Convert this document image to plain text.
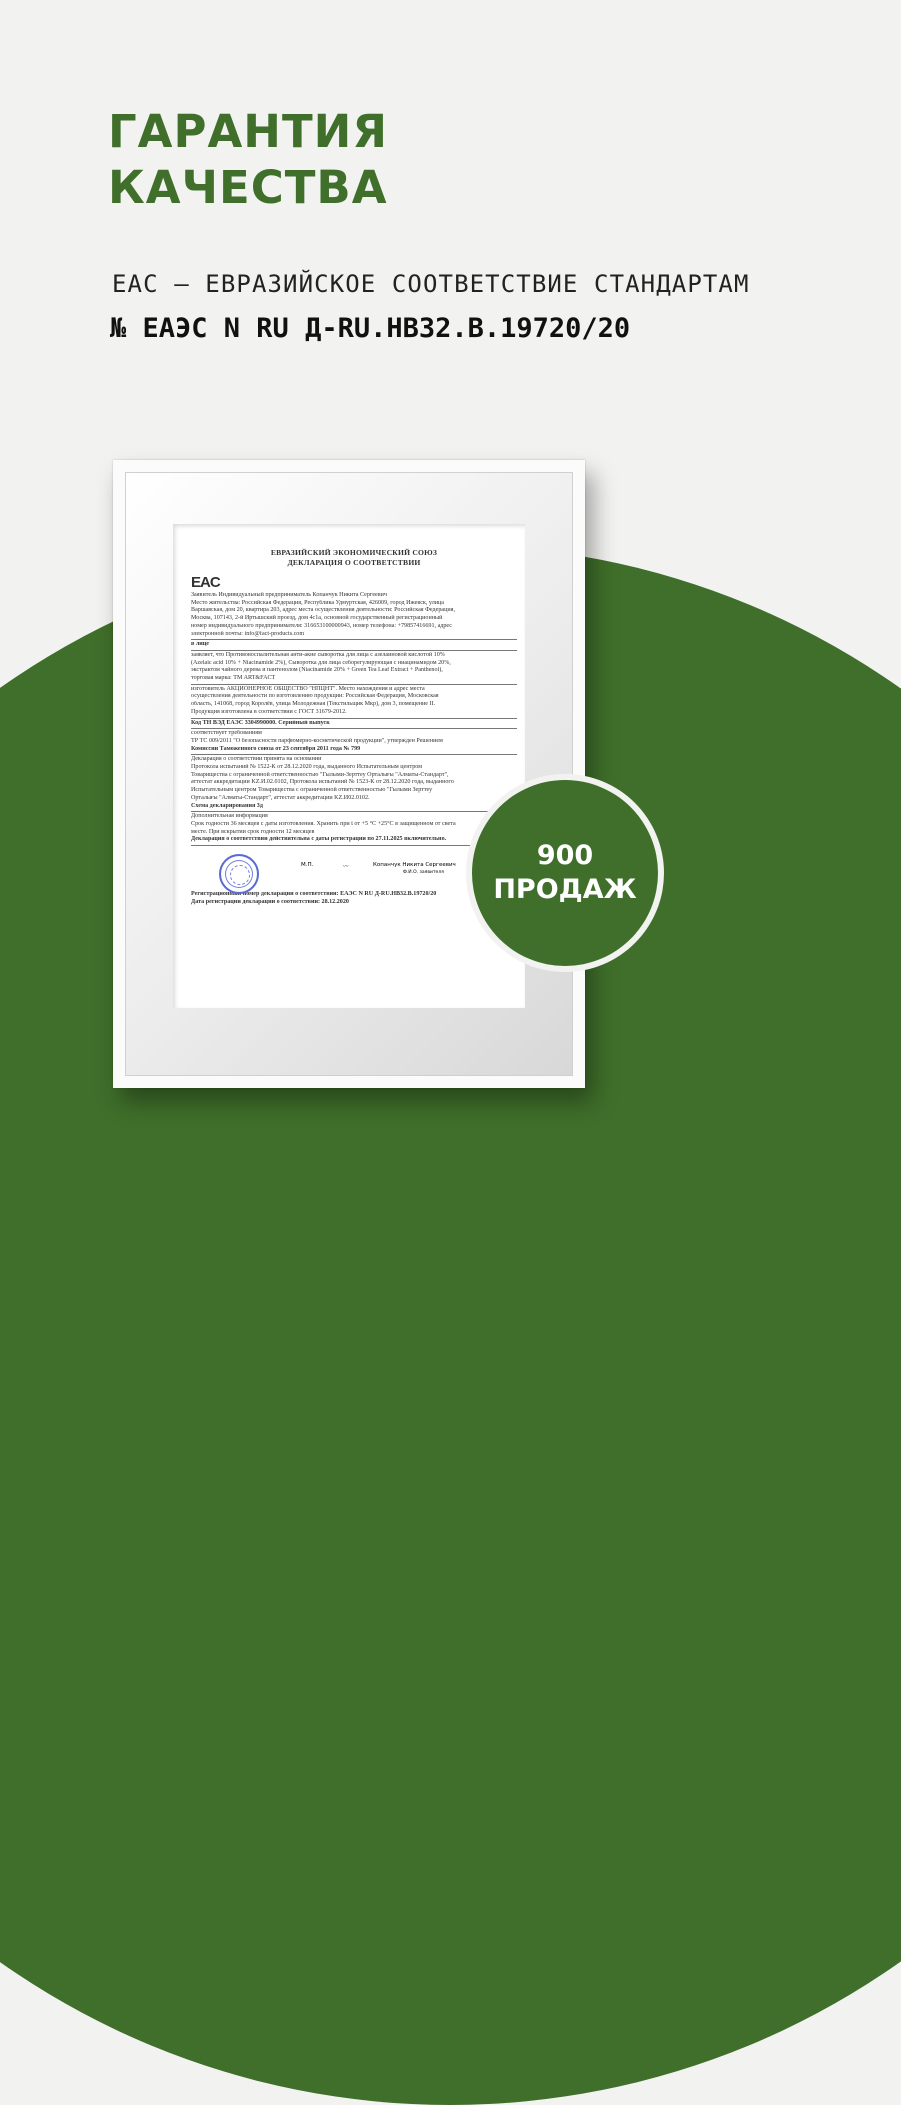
ГАРАНТИЯ
КАЧЕСТВА
EAC – ЕВРАЗИЙСКОЕ СООТВЕТСТВИЕ СТАНДАРТАМ
№ ЕАЭС N RU Д-RU.НВ32.В.19720/20
ЕВРАЗИЙСКИЙ ЭКОНОМИЧЕСКИЙ СОЮЗ
ДЕКЛАРАЦИЯ О СООТВЕТСТВИИ
EAC
Заявитель Индивидуальный предприниматель Копанчук Никита Сергеевич
Место жительства: Российская Федерация, Республика Удмуртская, 426009, город Ижевск, улица
Варшавская, дом 20, квартира 203, адрес места осуществления деятельности: Российская Федерация,
Москва, 107143, 2-й Иртышский проезд, дом 4с1а, основной государственный регистрационный
номер индивидуального предпринимателя: 316653100000943, номер телефона: +79857416691, адрес
электронной почты: info@fact-products.com
в лице
заявляет, что Противовоспалительная анти-акне сыворотка для лица с азелаиновой кислотой 10%
(Azelaic acid 10% + Niacinamide 2%), Сыворотка для лица себорегулирующая с ниацинамидом 20%,
экстрактом чайного дерева и пантенолом (Niacinamide 20% + Green Tea Leaf Extract + Panthenol),
торговая марка: TM ART&FACT
изготовитель АКЦИОНЕРНОЕ ОБЩЕСТВО "НПЦНТ". Место нахождения и адрес места
осуществления деятельности по изготовлению продукции: Российская Федерация, Московская
область, 141068, город Королёв, улица Молодежная (Текстильщик Мкр), дом 3, помещение II.
Продукция изготовлена в соответствии с ГОСТ 31679-2012.
Код ТН ВЭД ЕАЭС 3304990000. Серийный выпуск
соответствует требованиям
ТР ТС 009/2011 "О безопасности парфюмерно-косметической продукции", утвержден Решением
Комиссии Таможенного союза от 23 сентября 2011 года № 799
Декларация о соответствии принята на основании
Протокола испытаний № 1522-К от 28.12.2020 года, выданного Испытательным центром
Товарищества с ограниченной ответственностью "Гылыми-Зерттеу Орталығы "Алматы-Стандарт",
аттестат аккредитации KZ.И.02.0102, Протокола испытаний № 1523-К от 28.12.2020 года, выданного
Испытательным центром Товарищества с ограниченной ответственностью "Гылыми Зерттеу
Орталығы "Алматы-Стандарт", аттестат аккредитации KZ.И02.0102.
Схема декларирования 3д
Дополнительная информация
Срок годности 36 месяцев с даты изготовления. Хранить при t от +5 °С +25°С в защищенном от света
месте. При вскрытии срок годности 12 месяцев
Декларация о соответствии действительна с даты регистрации по 27.11.2025 включительно.
Регистрационный номер декларации о соответствии: ЕАЭС N RU Д-RU.НВ32.В.19720/20
Дата регистрации декларации о соответствии: 28.12.2020
М.П.	〰	Копанчук Никита Сергеевич
Ф.И.О. заявителя
900
ПРОДАЖ
